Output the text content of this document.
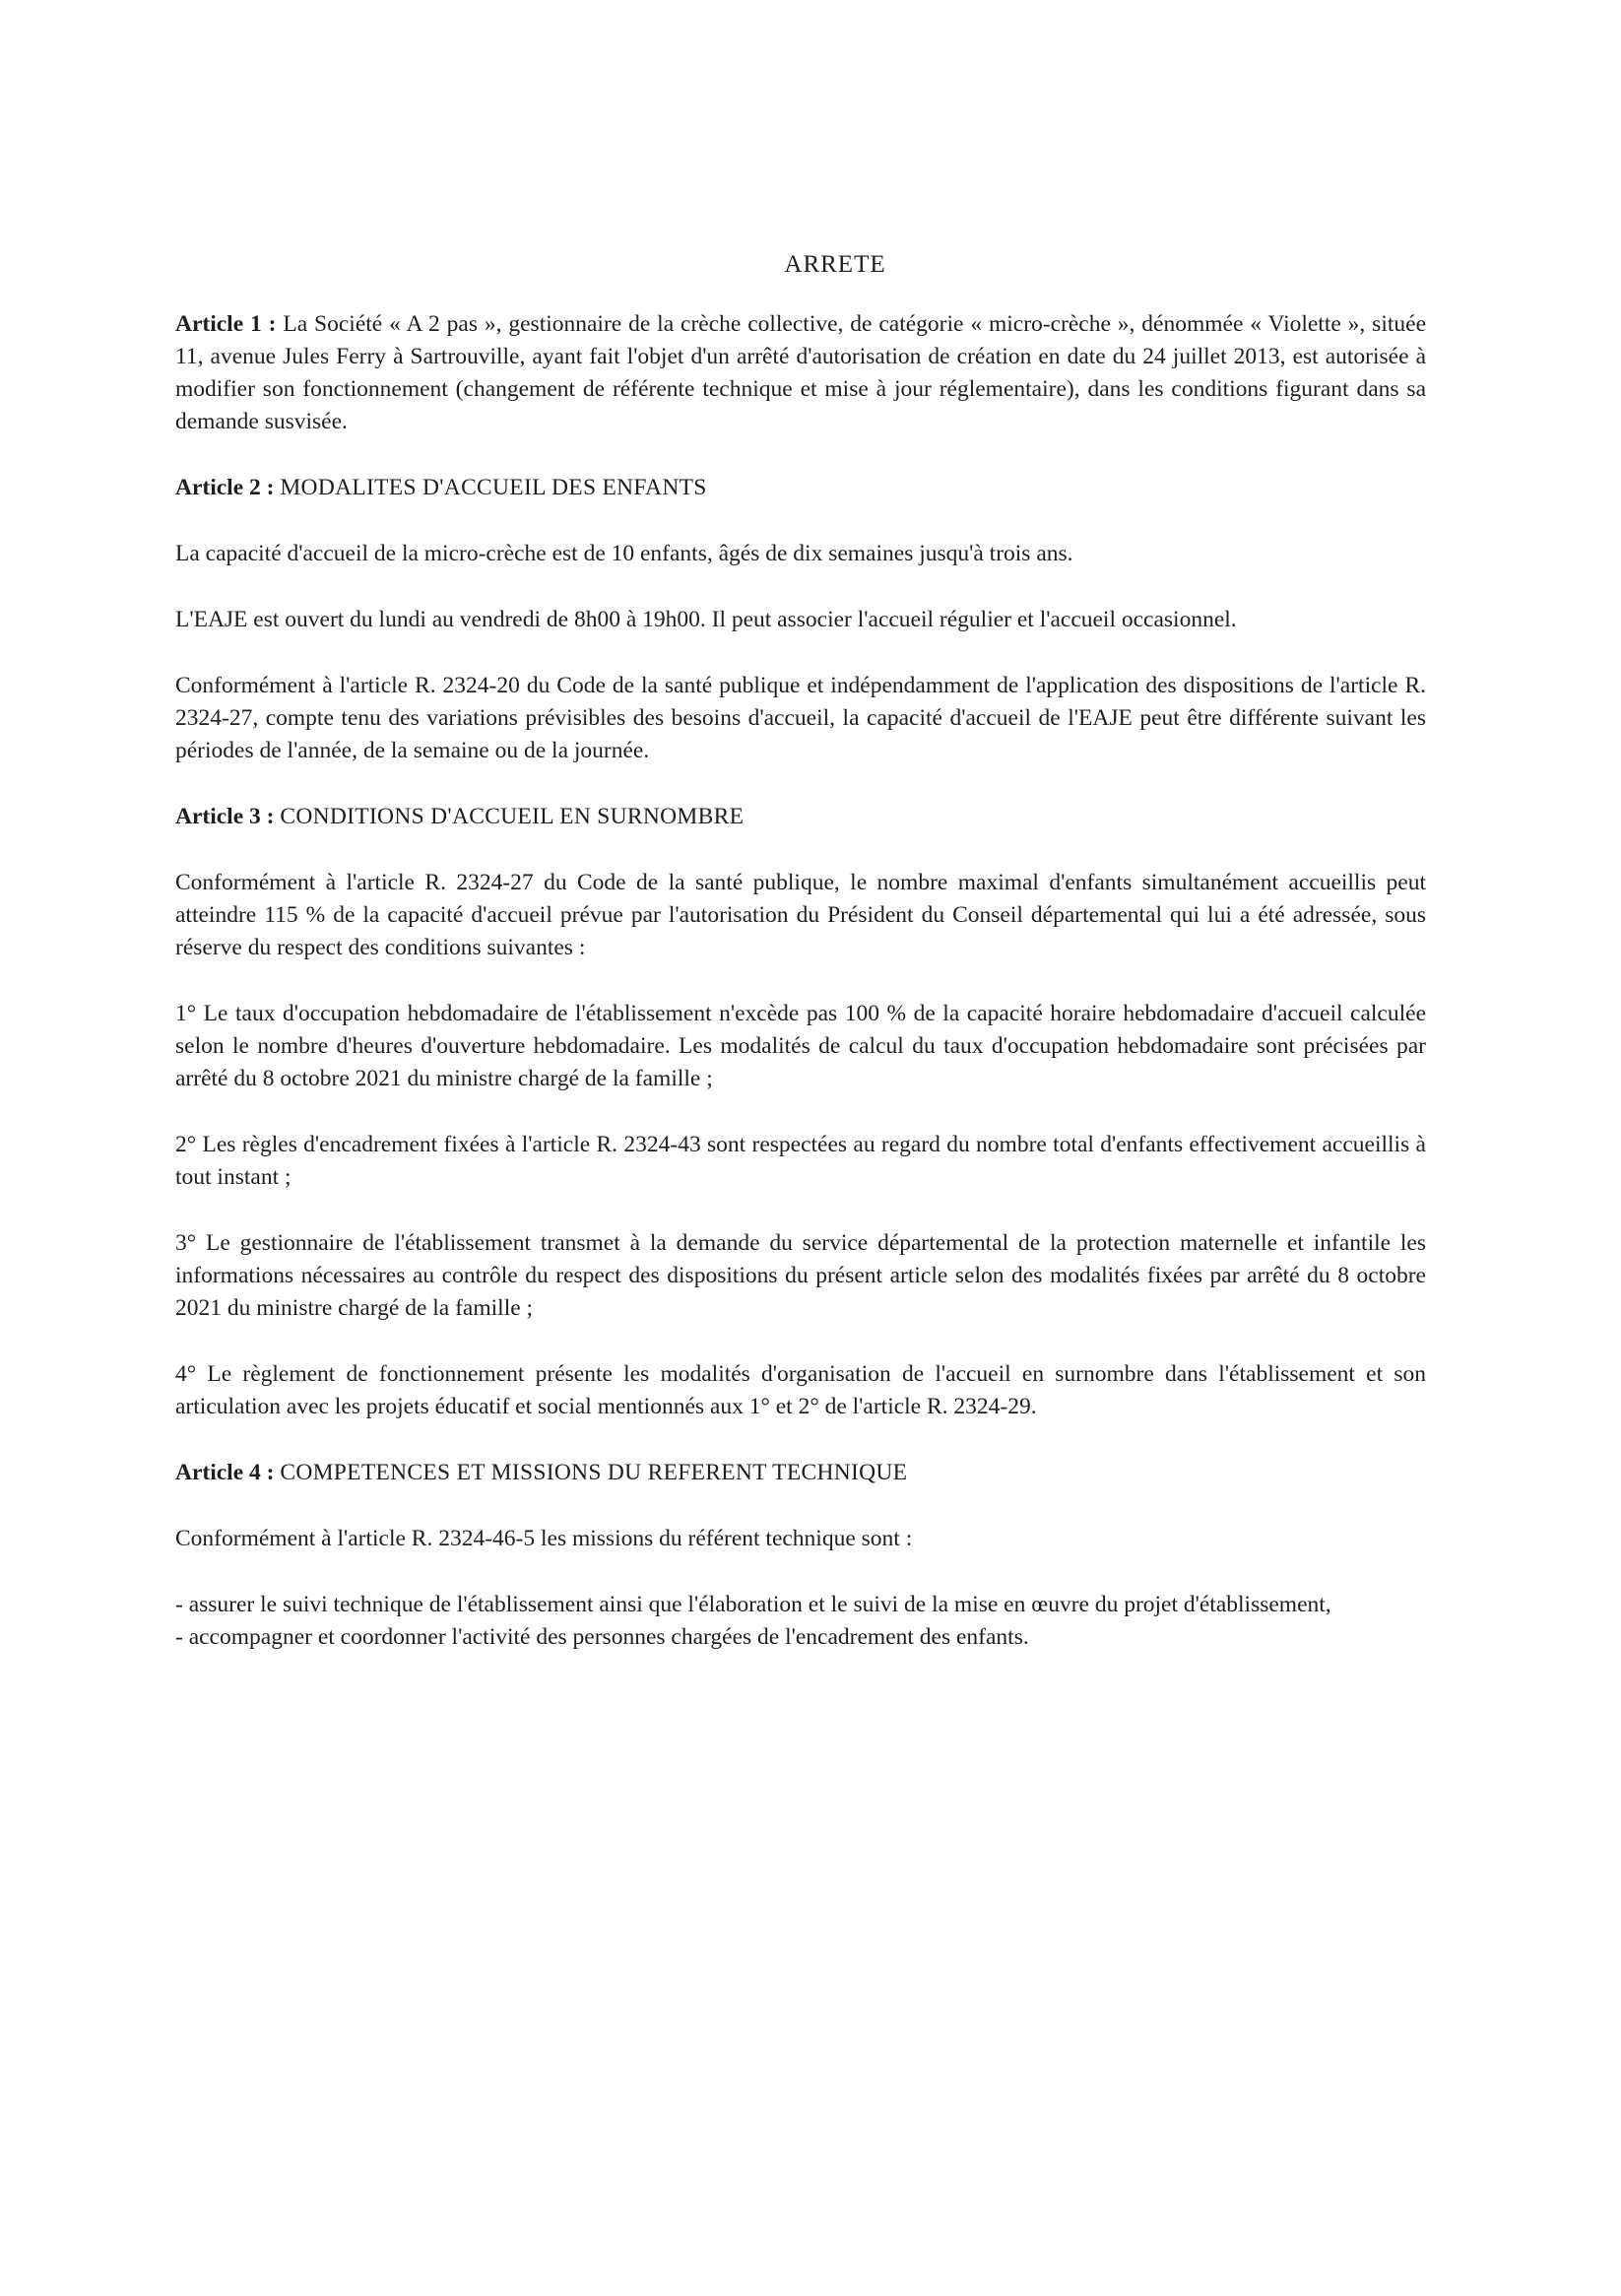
ARRETE

Article 1 : La Société « A 2 pas », gestionnaire de la crèche collective, de catégorie « micro-crèche », dénommée « Violette », située 11, avenue Jules Ferry à Sartrouville, ayant fait l'objet d'un arrêté d'autorisation de création en date du 24 juillet 2013, est autorisée à modifier son fonctionnement (changement de référente technique et mise à jour réglementaire), dans les conditions figurant dans sa demande susvisée.

Article 2 : MODALITES D'ACCUEIL DES ENFANTS

La capacité d'accueil de la micro-crèche est de 10 enfants, âgés de dix semaines jusqu'à trois ans.

L'EAJE est ouvert du lundi au vendredi de 8h00 à 19h00. Il peut associer l'accueil régulier et l'accueil occasionnel.

Conformément à l'article R. 2324-20 du Code de la santé publique et indépendamment de l'application des dispositions de l'article R. 2324-27, compte tenu des variations prévisibles des besoins d'accueil, la capacité d'accueil de l'EAJE peut être différente suivant les périodes de l'année, de la semaine ou de la journée.

Article 3 : CONDITIONS D'ACCUEIL EN SURNOMBRE

Conformément à l'article R. 2324-27 du Code de la santé publique, le nombre maximal d'enfants simultanément accueillis peut atteindre 115 % de la capacité d'accueil prévue par l'autorisation du Président du Conseil départemental qui lui a été adressée, sous réserve du respect des conditions suivantes :

1° Le taux d'occupation hebdomadaire de l'établissement n'excède pas 100 % de la capacité horaire hebdomadaire d'accueil calculée selon le nombre d'heures d'ouverture hebdomadaire. Les modalités de calcul du taux d'occupation hebdomadaire sont précisées par arrêté du 8 octobre 2021 du ministre chargé de la famille ;

2° Les règles d'encadrement fixées à l'article R. 2324-43 sont respectées au regard du nombre total d'enfants effectivement accueillis à tout instant ;

3° Le gestionnaire de l'établissement transmet à la demande du service départemental de la protection maternelle et infantile les informations nécessaires au contrôle du respect des dispositions du présent article selon des modalités fixées par arrêté du 8 octobre 2021 du ministre chargé de la famille ;

4° Le règlement de fonctionnement présente les modalités d'organisation de l'accueil en surnombre dans l'établissement et son articulation avec les projets éducatif et social mentionnés aux 1° et 2° de l'article R. 2324-29.

Article 4 : COMPETENCES ET MISSIONS DU REFERENT TECHNIQUE

Conformément à l'article R. 2324-46-5 les missions du référent technique sont :

- assurer le suivi technique de l'établissement ainsi que l'élaboration et le suivi de la mise en œuvre du projet d'établissement,

- accompagner et coordonner l'activité des personnes chargées de l'encadrement des enfants.
